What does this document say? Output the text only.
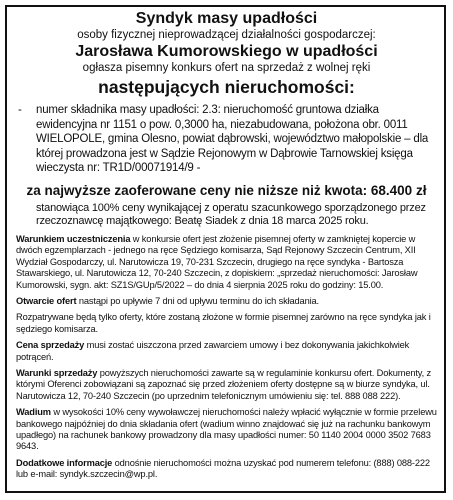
Syndyk masy upadłości
osoby fizycznej nieprowadzącej działalności gospodarczej:
Jarosława Kumorowskiego w upadłości
ogłasza pisemny konkurs ofert na sprzedaż z wolnej ręki
następujących nieruchomości:
-	numer składnika masy upadłości: 2.3: nieruchomość gruntowa działka ewidencyjna nr 1151 o pow. 0,3000 ha, niezabudowana, położona obr. 0011 WIELOPOLE, gmina Olesno, powiat dąbrowski, województwo małopolskie – dla której prowadzona jest w Sądzie Rejonowym w Dąbrowie Tarnowskiej księga wieczysta nr: TR1D/00071914/9 -
za najwyższe zaoferowane ceny nie niższe niż kwota: 68.400 zł
stanowiąca 100% ceny wynikającej z operatu szacunkowego sporządzonego przez rzeczoznawcę majątkowego: Beatę Siadek z dnia 18 marca 2025 roku.
Warunkiem uczestniczenia w konkursie ofert jest złożenie pisemnej oferty w zamkniętej kopercie w dwóch egzemplarzach - jednego na ręce Sędziego komisarza, Sąd Rejonowy Szczecin Centrum, XII Wydział Gospodarczy, ul. Narutowicza 19, 70-231 Szczecin, drugiego na ręce syndyka - Bartosza Stawarskiego, ul. Narutowicza 12, 70-240 Szczecin, z dopiskiem: „sprzedaż nieruchomości: Jarosław Kumorowski, sygn. akt: SZ1S/GUp/5/2022 – do dnia 4 sierpnia 2025 roku do godziny: 15.00.
Otwarcie ofert nastąpi po upływie 7 dni od upływu terminu do ich składania.
Rozpatrywane będą tylko oferty, które zostaną złożone w formie pisemnej zarówno na ręce syndyka jak i sędziego komisarza.
Cena sprzedaży musi zostać uiszczona przed zawarciem umowy i bez dokonywania jakichkolwiek potrąceń.
Warunki sprzedaży powyższych nieruchomości zawarte są w regulaminie konkursu ofert. Dokumenty, z którymi Oferenci zobowiązani są zapoznać się przed złożeniem oferty dostępne są w biurze syndyka, ul. Narutowicza 12, 70-240 Szczecin (po uprzednim telefonicznym umówieniu się: tel. 888 088 222).
Wadium w wysokości 10% ceny wywoławczej nieruchomości należy wpłacić wyłącznie w formie przelewu bankowego najpóźniej do dnia składania ofert (wadium winno znajdować się już na rachunku bankowym upadłego) na rachunek bankowy prowadzony dla masy upadłości numer: 50 1140 2004 0000 3502 7683 9643.
Dodatkowe informacje odnośnie nieruchomości można uzyskać pod numerem telefonu: (888) 088-222 lub e-mail: syndyk.szczecin@wp.pl.
